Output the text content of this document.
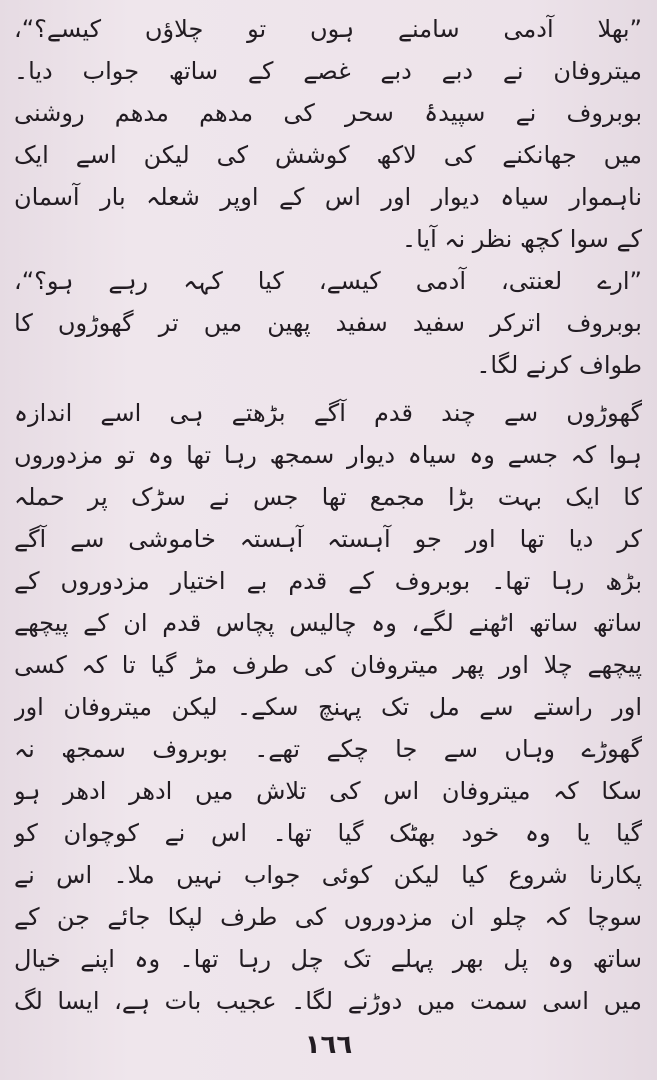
”بھلا آدمی سامنے ہوں تو چلاؤں کیسے؟“،
میتروفان نے دبے دبے غصے کے ساتھ جواب دیا۔
بوبروف نے سپیدۂ سحر کی مدھم مدھم روشنی
میں جھانکنے کی لاکھ کوشش کی لیکن اسے ایک
ناہموار سیاہ دیوار اور اس کے اوپر شعلہ بار آسمان
کے سوا کچھ نظر نہ آیا۔
”ارے لعنتی، آدمی کیسے، کیا کہہ رہے ہو؟“،
بوبروف اترکر سفید سفید پھین میں تر گھوڑوں کا
طواف کرنے لگا۔
گھوڑوں سے چند قدم آگے بڑھتے ہی اسے اندازہ
ہوا کہ جسے وہ سیاہ دیوار سمجھ رہا تھا وہ تو مزدوروں
کا ایک بہت بڑا مجمع تھا جس نے سڑک پر حملہ
کر دیا تھا اور جو آہستہ آہستہ خاموشی سے آگے
بڑھ رہا تھا۔ بوبروف کے قدم بے اختیار مزدوروں کے
ساتھ ساتھ اٹھنے لگے، وہ چالیس پچاس قدم ان کے پیچھے
پیچھے چلا اور پھر میتروفان کی طرف مڑ گیا تا کہ کسی
اور راستے سے مل تک پہنچ سکے۔ لیکن میتروفان اور
گھوڑے وہاں سے جا چکے تھے۔ بوبروف سمجھ نہ
سکا کہ میتروفان اس کی تلاش میں ادھر ادھر ہو
گیا یا وہ خود بھٹک گیا تھا۔ اس نے کوچوان کو
پکارنا شروع کیا لیکن کوئی جواب نہیں ملا۔ اس نے
سوچا کہ چلو ان مزدوروں کی طرف لپکا جائے جن کے
ساتھ وہ پل بھر پہلے تک چل رہا تھا۔ وہ اپنے خیال
میں اسی سمت میں دوڑنے لگا۔ عجیب بات ہے، ایسا لگ
١٦٦
